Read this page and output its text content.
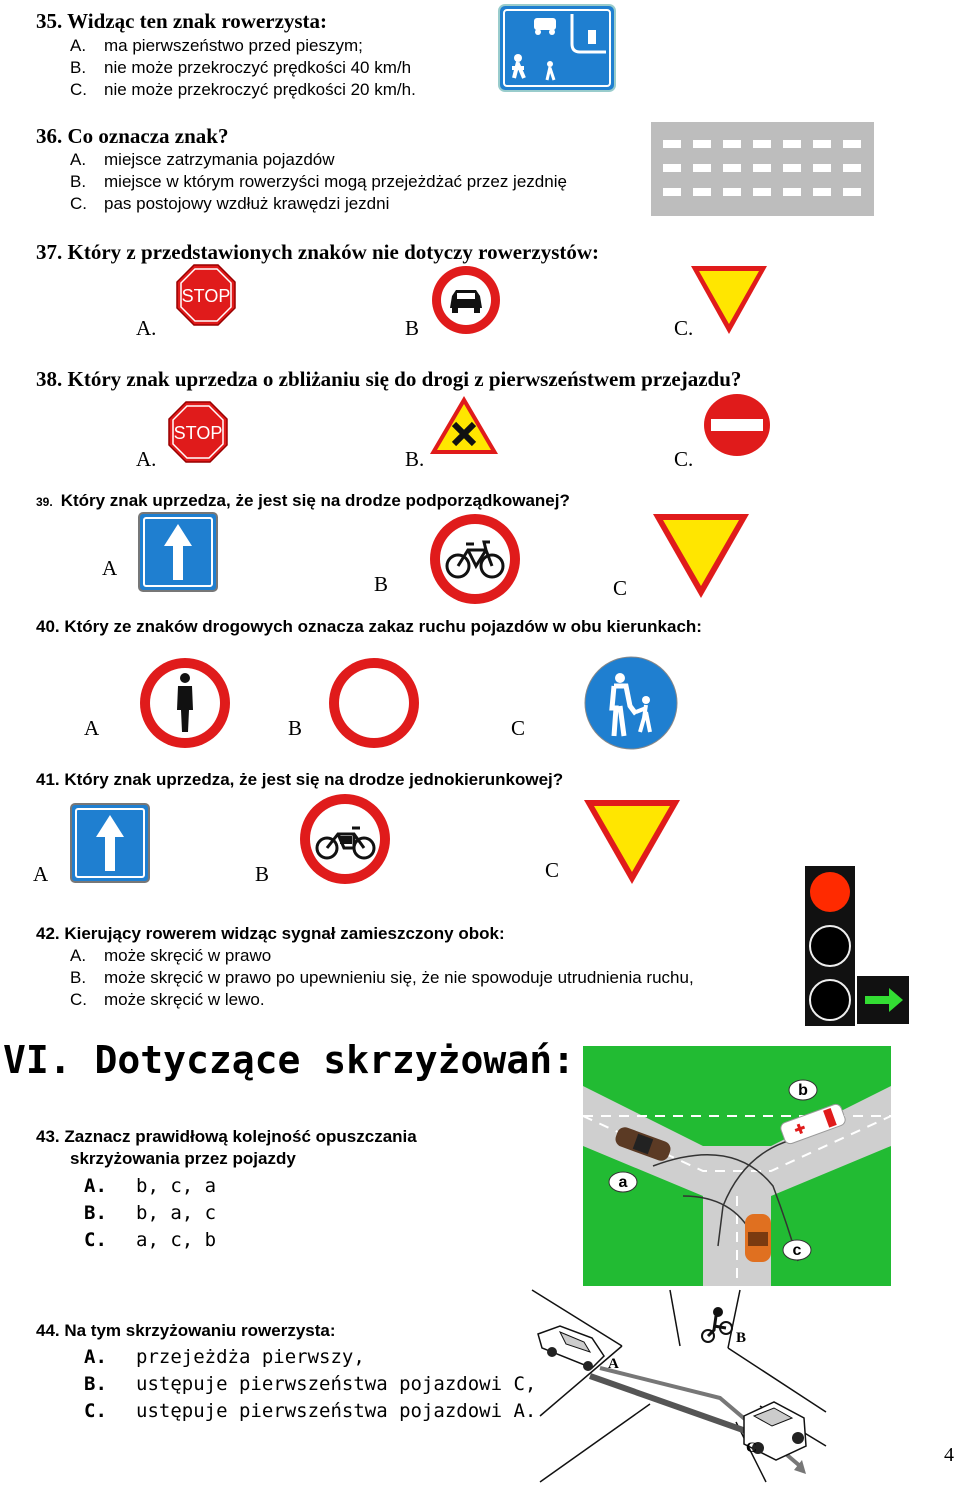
35. Widząc ten znak rowerzysta:
A. ma pierwszeństwo przed pieszym;
B. nie może przekroczyć prędkości 40 km/h
C. nie może przekroczyć prędkości 20 km/h.
36. Co oznacza znak?
A. miejsce zatrzymania pojazdów
B. miejsce w którym rowerzyści mogą przejeżdżać przez jezdnię
C. pas postojowy wzdłuż krawędzi jezdni
37. Który z przedstawionych znaków nie dotyczy rowerzystów:
STOP
A.	B	C.
38. Który znak uprzedza o zbliżaniu się do drogi z pierwszeństwem przejazdu?
STOP
A.	B.	C.
39. Który znak uprzedza, że jest się na drodze podporządkowanej?
A
B	C
40. Który ze znaków drogowych oznacza zakaz ruchu pojazdów w obu kierunkach:
A	B	C
41. Który znak uprzedza, że jest się na drodze jednokierunkowej?
A	B	C
42. Kierujący rowerem widząc sygnał zamieszczony obok:
A. może skręcić w prawo
B. może skręcić w prawo po upewnieniu się, że nie spowoduje utrudnienia ruchu,
C. może skręcić w lewo.
VI. Dotyczące skrzyżowań:
43. Zaznacz prawidłową kolejność opuszczania
skrzyżowania przez pojazdy
A. b, c, a
B. b, a, c
C. a, c, b
a
b
c
44. Na tym skrzyżowaniu rowerzysta:
A. przejeżdża pierwszy,
B. ustępuje pierwszeństwa pojazdowi C,
C. ustępuje pierwszeństwa pojazdowi A.
A
B
C	4
